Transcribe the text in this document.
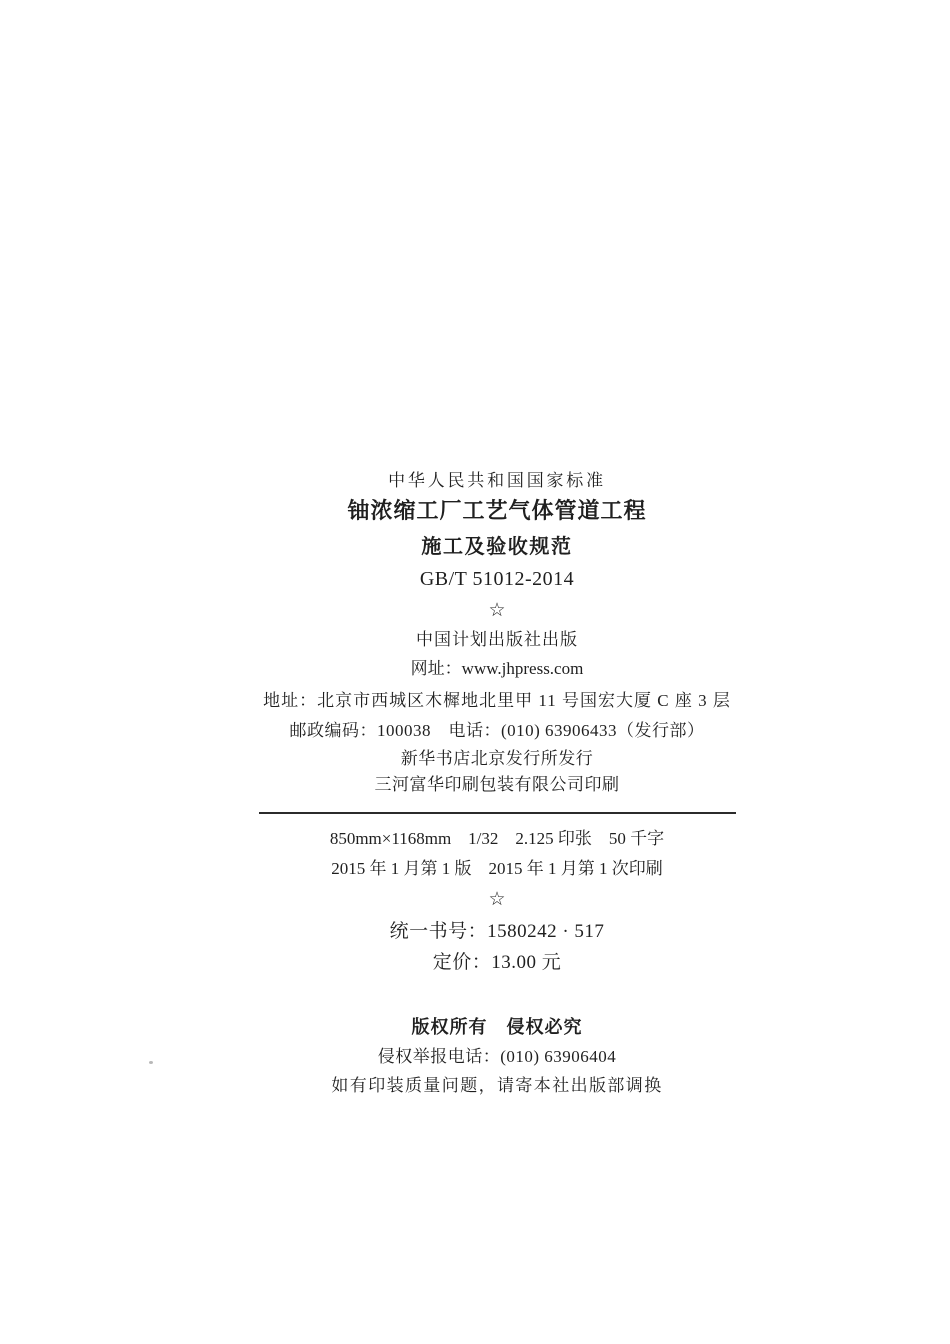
中华人民共和国国家标准
铀浓缩工厂工艺气体管道工程
施工及验收规范
GB/T 51012-2014
☆
中国计划出版社出版
网址：www.jhpress.com
地址：北京市西城区木樨地北里甲 11 号国宏大厦 C 座 3 层
邮政编码：100038　电话：(010) 63906433（发行部）
新华书店北京发行所发行
三河富华印刷包装有限公司印刷
850mm×1168mm　1/32　2.125 印张　50 千字
2015 年 1 月第 1 版　2015 年 1 月第 1 次印刷
☆
统一书号：1580242 · 517
定价：13.00 元
版权所有　侵权必究
侵权举报电话：(010) 63906404
如有印装质量问题，请寄本社出版部调换
